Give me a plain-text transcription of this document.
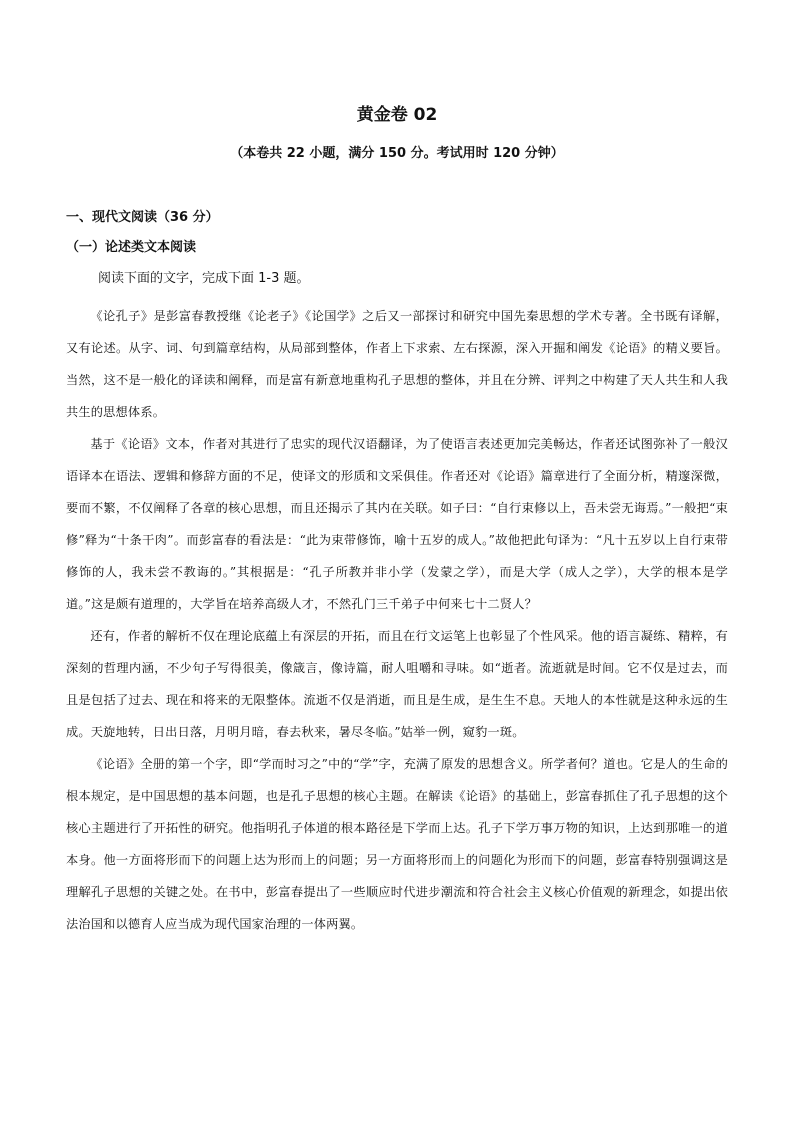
黄金卷 02
（本卷共 22 小题，满分 150 分。考试用时 120 分钟）
一、现代文阅读（36 分）
（一）论述类文本阅读
阅读下面的文字，完成下面 1-3 题。

《论孔子》是彭富春教授继《论老子》《论国学》之后又一部探讨和研究中国先秦思想的学术专著。全书既有译解，又有论述。从字、词、句到篇章结构，从局部到整体，作者上下求索、左右探源，深入开掘和阐发《论语》的精义要旨。当然，这不是一般化的译读和阐释，而是富有新意地重构孔子思想的整体，并且在分辨、评判之中构建了天人共生和人我共生的思想体系。

基于《论语》文本，作者对其进行了忠实的现代汉语翻译，为了使语言表述更加完美畅达，作者还试图弥补了一般汉语译本在语法、逻辑和修辞方面的不足，使译文的形质和文采俱佳。作者还对《论语》篇章进行了全面分析，精邃深微，要而不繁，不仅阐释了各章的核心思想，而且还揭示了其内在关联。如子曰：“自行束修以上，吾未尝无诲焉。”一般把“束修”释为“十条干肉”。而彭富春的看法是：“此为束带修饰，喻十五岁的成人。”故他把此句译为：“凡十五岁以上自行束带修饰的人，我未尝不教诲的。”其根据是：“孔子所教并非小学（发蒙之学），而是大学（成人之学），大学的根本是学道。”这是颇有道理的，大学旨在培养高级人才，不然孔门三千弟子中何来七十二贤人？

还有，作者的解析不仅在理论底蕴上有深层的开拓，而且在行文运笔上也彰显了个性风采。他的语言凝练、精粹，有深刻的哲理内涵，不少句子写得很美，像箴言，像诗篇，耐人咀嚼和寻味。如“逝者。流逝就是时间。它不仅是过去，而且是包括了过去、现在和将来的无限整体。流逝不仅是消逝，而且是生成，是生生不息。天地人的本性就是这种永远的生成。天旋地转，日出日落，月明月暗，春去秋来，暑尽冬临。”姑举一例，窥豹一斑。

《论语》全册的第一个字，即“学而时习之”中的“学”字，充满了原发的思想含义。所学者何？道也。它是人的生命的根本规定，是中国思想的基本问题，也是孔子思想的核心主题。在解读《论语》的基础上，彭富春抓住了孔子思想的这个核心主题进行了开拓性的研究。他指明孔子体道的根本路径是下学而上达。孔子下学万事万物的知识，上达到那唯一的道本身。他一方面将形而下的问题上达为形而上的问题；另一方面将形而上的问题化为形而下的问题，彭富春特别强调这是理解孔子思想的关键之处。在书中，彭富春提出了一些顺应时代进步潮流和符合社会主义核心价值观的新理念，如提出依法治国和以德育人应当成为现代国家治理的一体两翼。
